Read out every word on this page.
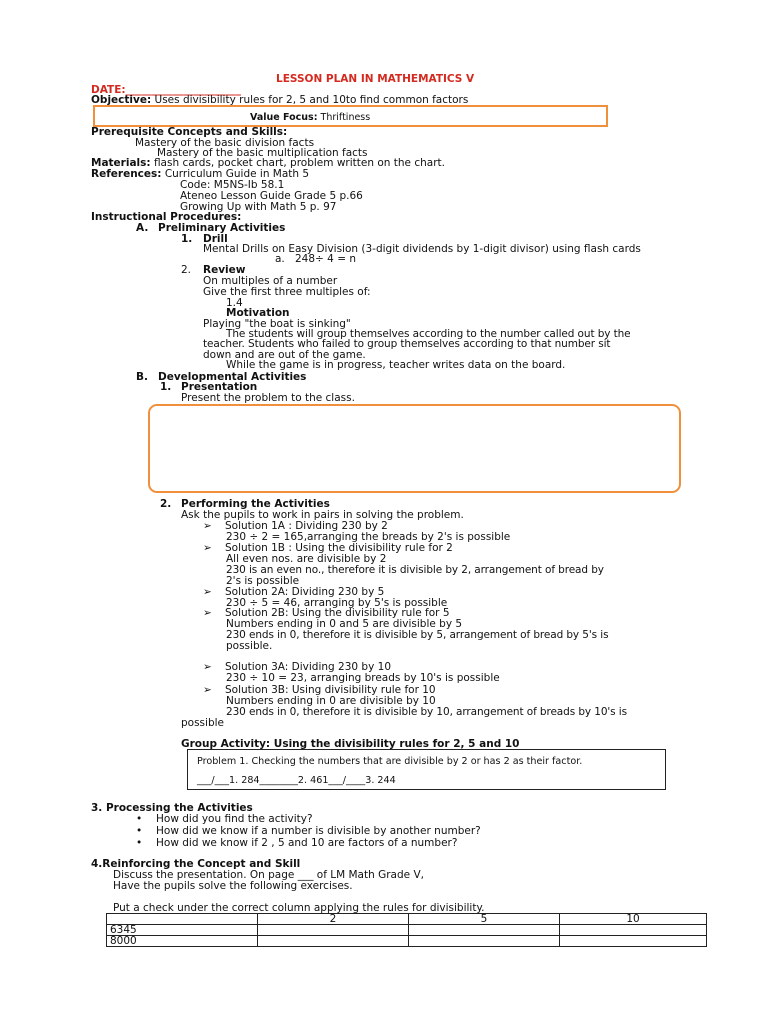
LESSON PLAN IN MATHEMATICS V
DATE:______________________
Objective: Uses divisibility rules for 2, 5 and 10to find common factors
Value Focus: Thriftiness
Prerequisite Concepts and Skills:
Mastery of the basic division facts
Mastery of the basic multiplication facts
Materials: flash cards, pocket chart, problem written on the chart.
References: Curriculum Guide in Math 5
Code: M5NS-Ib 58.1
Ateneo Lesson Guide Grade 5 p.66
Growing Up with Math 5 p. 97
Instructional Procedures:
A. Preliminary Activities
1. Drill
Mental Drills on Easy Division (3-digit dividends by 1-digit divisor) using flash cards
a. 248÷ 4 = n
2. Review
On multiples of a number
Give the first three multiples of:
1.4
Motivation
Playing "the boat is sinking"
The students will group themselves according to the number called out by the
teacher. Students who failed to group themselves according to that number sit
down and are out of the game.
While the game is in progress, teacher writes data on the board.
B. Developmental Activities
1. Presentation
Present the problem to the class.
2. Performing the Activities
Ask the pupils to work in pairs in solving the problem.
➢ Solution 1A : Dividing 230 by 2
230 ÷ 2 = 165,arranging the breads by 2's is possible
➢ Solution 1B : Using the divisibility rule for 2
All even nos. are divisible by 2
230 is an even no., therefore it is divisible by 2, arrangement of bread by
2's is possible
➢ Solution 2A: Dividing 230 by 5
230 ÷ 5 = 46, arranging by 5's is possible
➢ Solution 2B: Using the divisibility rule for 5
Numbers ending in 0 and 5 are divisible by 5
230 ends in 0, therefore it is divisible by 5, arrangement of bread by 5's is
possible.
➢ Solution 3A: Dividing 230 by 10
230 ÷ 10 = 23, arranging breads by 10's is possible
➢ Solution 3B: Using divisibility rule for 10
Numbers ending in 0 are divisible by 10
230 ends in 0, therefore it is divisible by 10, arrangement of breads by 10's is
possible
Group Activity: Using the divisibility rules for 2, 5 and 10
Problem 1. Checking the numbers that are divisible by 2 or has 2 as their factor.
___/___1. 284________2. 461___/____3. 244
3. Processing the Activities
• How did you find the activity?
• How did we know if a number is divisible by another number?
• How did we know if 2 , 5 and 10 are factors of a number?
4.Reinforcing the Concept and Skill
Discuss the presentation. On page ___ of LM Math Grade V,
Have the pupils solve the following exercises.
Put a check under the correct column applying the rules for divisibility.
	2	5	10
6345			
8000			
